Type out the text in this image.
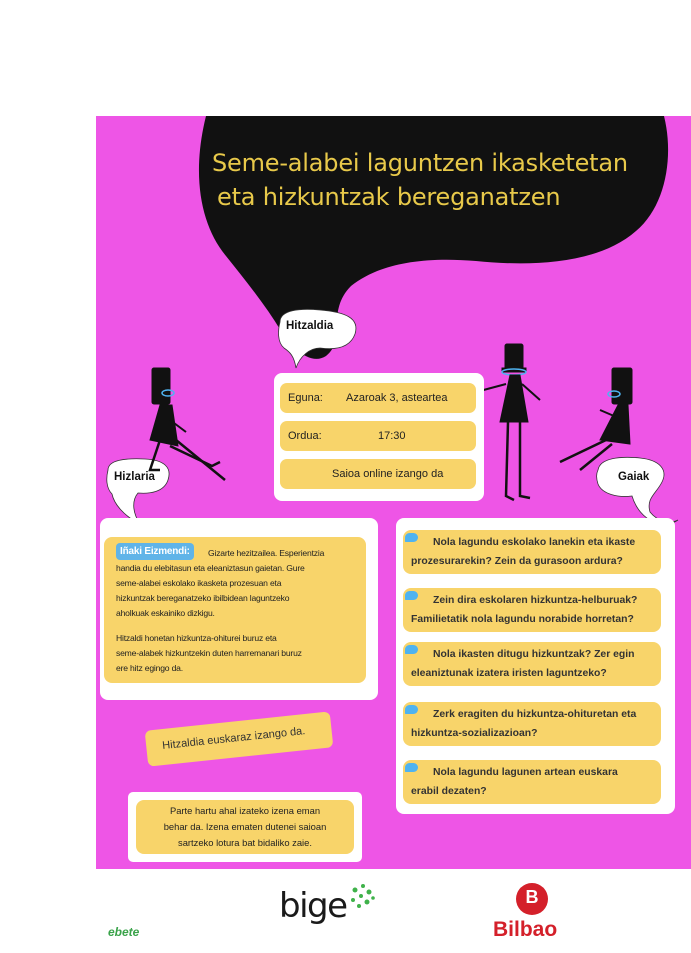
Seme-alabei laguntzen ikasketetan
eta hizkuntzak bereganatzen
Hitzaldia
Hizlaria	Gaiak
Eguna: Azaroak 3, asteartea
Ordua:	17:30
Saioa online izango da
Iñaki Eizmendi:	Gizarte hezitzailea. Esperientzia

handia du elebitasun eta eleaniztasun gaietan. Gure

seme-alabei eskolako ikasketa prozesuan eta

hizkuntzak bereganatzeko ibilbidean laguntzeko

aholkuak eskainiko dizkigu.

Hitzaldi honetan hizkuntza-ohiturei buruz eta

seme-alabek hizkuntzekin duten harremanari buruz

ere hitz egingo da.

Hitzaldia euskaraz izango da.
Parte hartu ahal izateko izena eman
behar da. Izena ematen dutenei saioan
sartzeko lotura bat bidaliko zaie.
Nola lagundu eskolako lanekin eta ikaste
prozesurarekin? Zein da gurasoon ardura?
Zein dira eskolaren hizkuntza-helburuak?
Familietatik nola lagundu norabide horretan?
Nola ikasten ditugu hizkuntzak? Zer egin
eleaniztunak izatera iristen laguntzeko?
Zerk eragiten du hizkuntza-ohituretan eta
hizkuntza-sozializazioan?
Nola lagundu lagunen artean euskara
erabil dezaten?
ebete
bige	B
Bilbao
